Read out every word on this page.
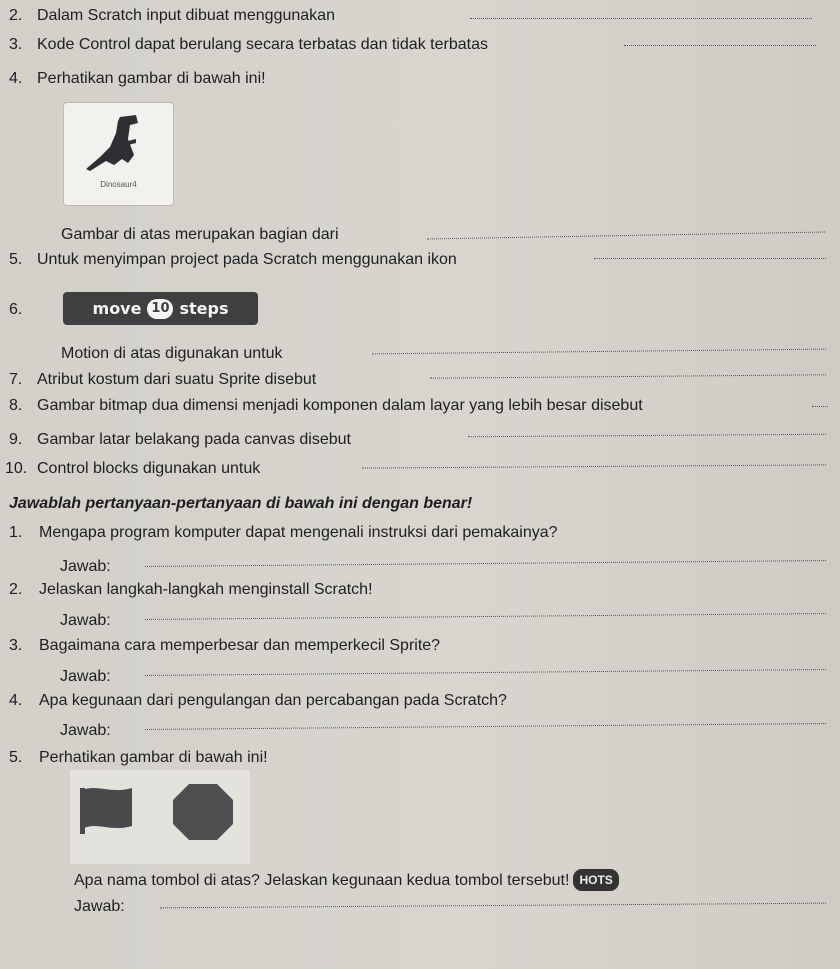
2. Dalam Scratch input dibuat menggunakan
3. Kode Control dapat berulang secara terbatas dan tidak terbatas
4. Perhatikan gambar di bawah ini!
Dinosaur4
Gambar di atas merupakan bagian dari
5. Untuk menyimpan project pada Scratch menggunakan ikon
6.	move 10 steps
Motion di atas digunakan untuk
7. Atribut kostum dari suatu Sprite disebut
8. Gambar bitmap dua dimensi menjadi komponen dalam layar yang lebih besar disebut
9. Gambar latar belakang pada canvas disebut
10. Control blocks digunakan untuk
Jawablah pertanyaan-pertanyaan di bawah ini dengan benar!
1. Mengapa program komputer dapat mengenali instruksi dari pemakainya?
Jawab:
2. Jelaskan langkah-langkah menginstall Scratch!
Jawab:
3. Bagaimana cara memperbesar dan memperkecil Sprite?
Jawab:
4. Apa kegunaan dari pengulangan dan percabangan pada Scratch?
Jawab:
5. Perhatikan gambar di bawah ini!
Apa nama tombol di atas? Jelaskan kegunaan kedua tombol tersebut! HOTS
Jawab:
